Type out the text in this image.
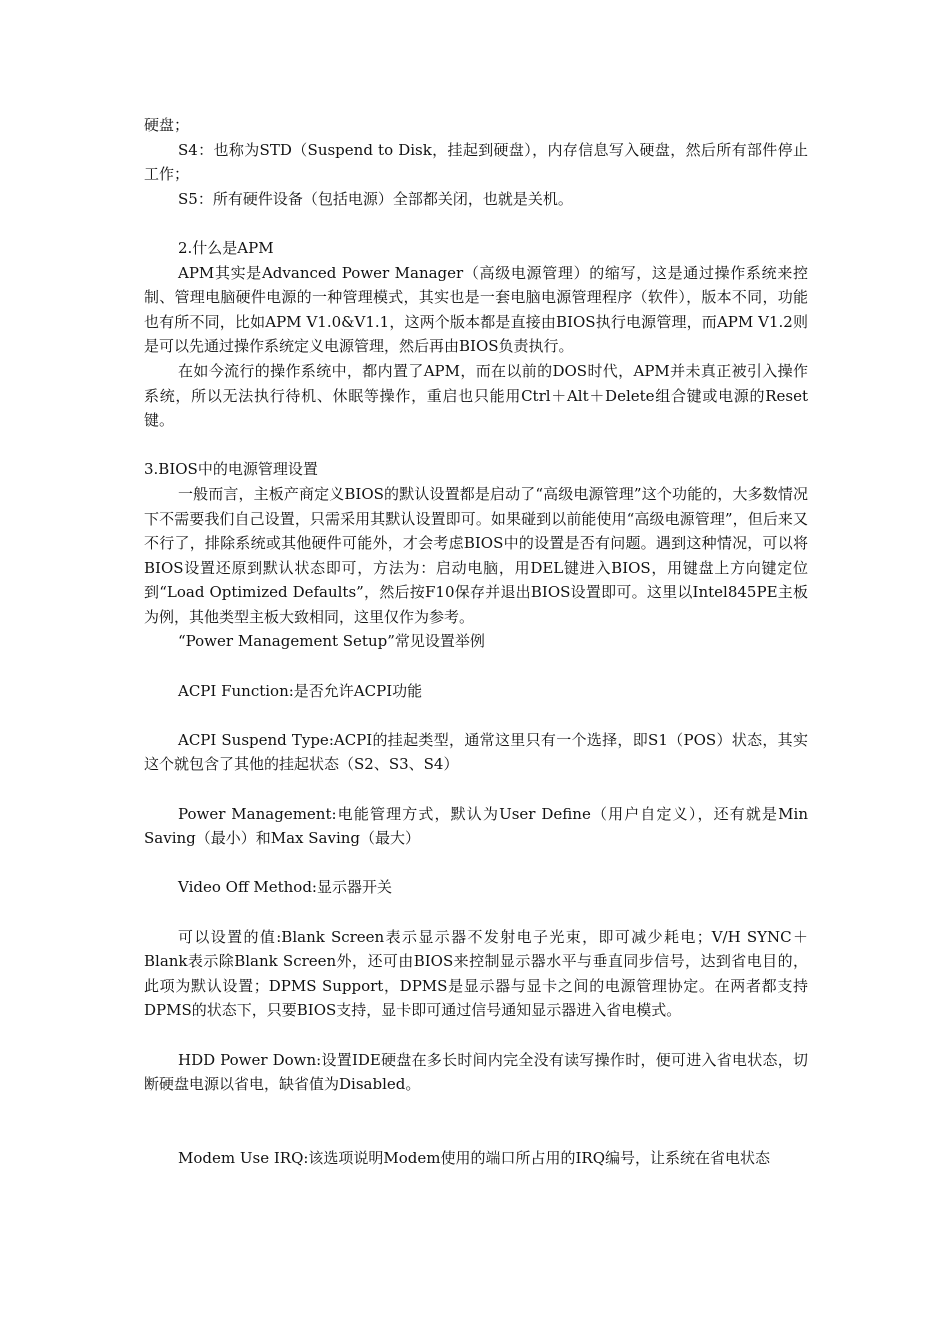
硬盘；

S4：也称为STD（Suspend to Disk，挂起到硬盘），内存信息写入硬盘，然后所有部件停止工作；

S5：所有硬件设备（包括电源）全部都关闭，也就是关机。

2.什么是APM

APM其实是Advanced Power Manager（高级电源管理）的缩写，这是通过操作系统来控制、管理电脑硬件电源的一种管理模式，其实也是一套电脑电源管理程序（软件），版本不同，功能也有所不同，比如APM V1.0&V1.1，这两个版本都是直接由BIOS执行电源管理，而APM V1.2则是可以先通过操作系统定义电源管理，然后再由BIOS负责执行。

在如今流行的操作系统中，都内置了APM，而在以前的DOS时代，APM并未真正被引入操作系统，所以无法执行待机、休眠等操作，重启也只能用Ctrl＋Alt＋Delete组合键或电源的Reset键。

3.BIOS中的电源管理设置

一般而言，主板产商定义BIOS的默认设置都是启动了“高级电源管理”这个功能的，大多数情况下不需要我们自己设置，只需采用其默认设置即可。如果碰到以前能使用“高级电源管理”，但后来又不行了，排除系统或其他硬件可能外，才会考虑BIOS中的设置是否有问题。遇到这种情况，可以将BIOS设置还原到默认状态即可，方法为：启动电脑，用DEL键进入BIOS，用键盘上方向键定位到“Load Optimized Defaults”，然后按F10保存并退出BIOS设置即可。这里以Intel845PE主板为例，其他类型主板大致相同，这里仅作为参考。

“Power Management Setup”常见设置举例

ACPI Function:是否允许ACPI功能

ACPI Suspend Type:ACPI的挂起类型，通常这里只有一个选择，即S1（POS）状态，其实这个就包含了其他的挂起状态（S2、S3、S4）

Power Management:电能管理方式，默认为User Define（用户自定义），还有就是Min Saving（最小）和Max Saving（最大）

Video Off Method:显示器开关

可以设置的值:Blank Screen表示显示器不发射电子光束，即可减少耗电；V/H SYNC＋Blank表示除Blank Screen外，还可由BIOS来控制显示器水平与垂直同步信号，达到省电目的，此项为默认设置；DPMS Support，DPMS是显示器与显卡之间的电源管理协定。在两者都支持DPMS的状态下，只要BIOS支持，显卡即可通过信号通知显示器进入省电模式。

HDD Power Down:设置IDE硬盘在多长时间内完全没有读写操作时，便可进入省电状态，切断硬盘电源以省电，缺省值为Disabled。

Modem Use IRQ:该选项说明Modem使用的端口所占用的IRQ编号，让系统在省电状态
